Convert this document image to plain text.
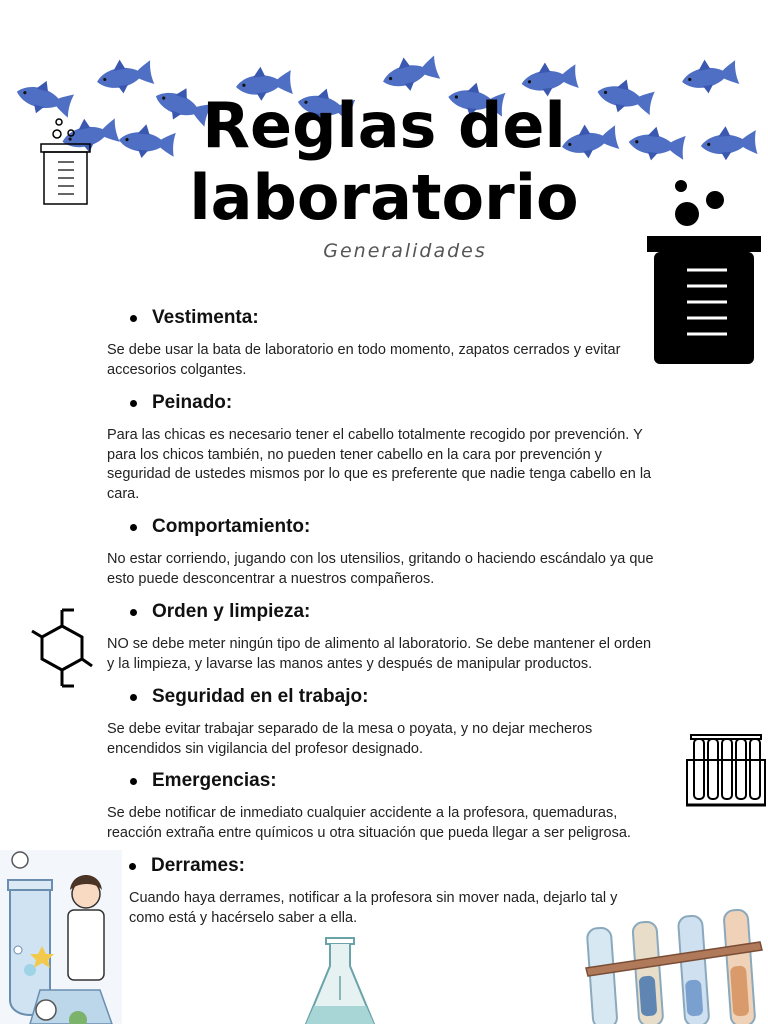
Reglas del
laboratorio
Generalidades
Vestimenta:
Se debe usar la bata de laboratorio en todo momento, zapatos cerrados y evitar accesorios colgantes.
Peinado:
Para las chicas es necesario tener el cabello totalmente recogido por prevención. Y para los chicos también, no pueden tener cabello en la cara por prevención y seguridad de ustedes mismos por lo que es preferente que nadie tenga cabello en la cara.
Comportamiento:
No estar corriendo, jugando con los utensilios, gritando o haciendo escándalo ya que esto puede desconcentrar a nuestros compañeros.
Orden y limpieza:
NO se debe meter ningún tipo de alimento al laboratorio. Se debe mantener el orden y la limpieza, y lavarse las manos antes y después de manipular productos.
Seguridad en el trabajo:
Se debe evitar trabajar separado de la mesa o poyata, y no dejar mecheros encendidos sin vigilancia del profesor designado.
Emergencias:
Se debe notificar de inmediato cualquier accidente a la profesora, quemaduras, reacción extraña entre químicos u otra situación que pueda llegar a ser peligrosa.
Derrames:
Cuando haya derrames, notificar a la profesora sin mover nada, dejarlo tal y como está y hacérselo saber a ella.
